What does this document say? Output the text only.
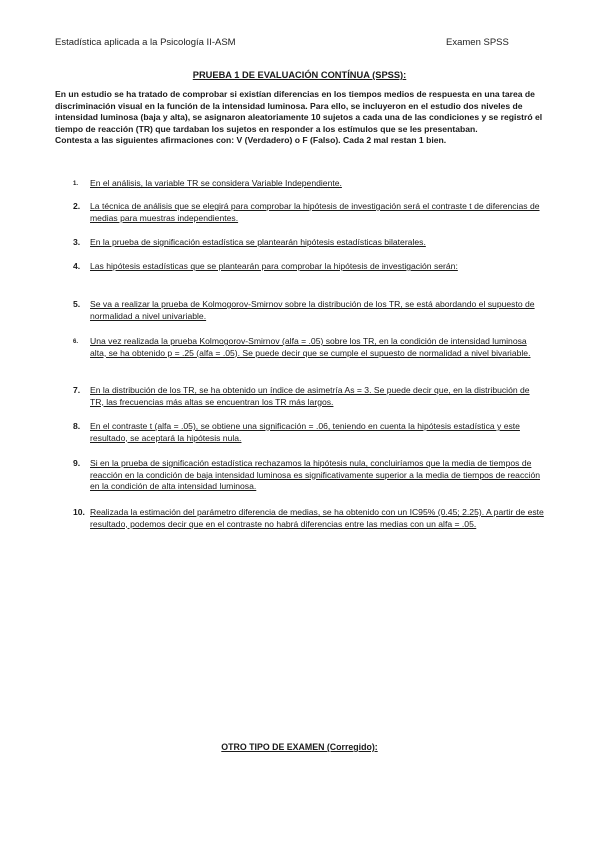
Estadística aplicada a la Psicología II-ASM	Examen SPSS
PRUEBA 1 DE EVALUACIÓN CONTÍNUA (SPSS):
En un estudio se ha tratado de comprobar si existían diferencias en los tiempos medios de respuesta en una tarea de discriminación visual en la función de la intensidad luminosa. Para ello, se incluyeron en el estudio dos niveles de intensidad luminosa (baja y alta), se asignaron aleatoriamente 10 sujetos a cada una de las condiciones y se registró el tiempo de reacción (TR) que tardaban los sujetos en responder a los estímulos que se les presentaban.
Contesta a las siguientes afirmaciones con: V (Verdadero) o F (Falso). Cada 2 mal restan 1 bien.
1. En el análisis, la variable TR se considera Variable Independiente.
2. La técnica de análisis que se elegirá para comprobar la hipótesis de investigación será el contraste t de diferencias de medias para muestras independientes.
3. En la prueba de significación estadística se plantearán hipótesis estadísticas bilaterales.
4. Las hipótesis estadísticas que se plantearán para comprobar la hipótesis de investigación serán:
5. Se va a realizar la prueba de Kolmogorov-Smirnov sobre la distribución de los TR, se está abordando el supuesto de normalidad a nivel univariable.
6. Una vez realizada la prueba Kolmogorov-Smirnov (alfa = .05) sobre los TR, en la condición de intensidad luminosa alta, se ha obtenido p = .25 (alfa = .05). Se puede decir que se cumple el supuesto de normalidad a nivel bivariable.
7. En la distribución de los TR, se ha obtenido un índice de asimetría As = 3. Se puede decir que, en la distribución de TR, las frecuencias más altas se encuentran los TR más largos.
8. En el contraste t (alfa = .05), se obtiene una significación = .06, teniendo en cuenta la hipótesis estadística y este resultado, se aceptará la hipótesis nula.
9. Si en la prueba de significación estadística rechazamos la hipótesis nula, concluiríamos que la media de tiempos de reacción en la condición de baja intensidad luminosa es significativamente superior a la media de tiempos de reacción en la condición de alta intensidad luminosa.
10. Realizada la estimación del parámetro diferencia de medias, se ha obtenido con un IC95% (0.45; 2.25). A partir de este resultado, podemos decir que en el contraste no habrá diferencias entre las medias con un alfa = .05.
OTRO TIPO DE EXAMEN (Corregido):
